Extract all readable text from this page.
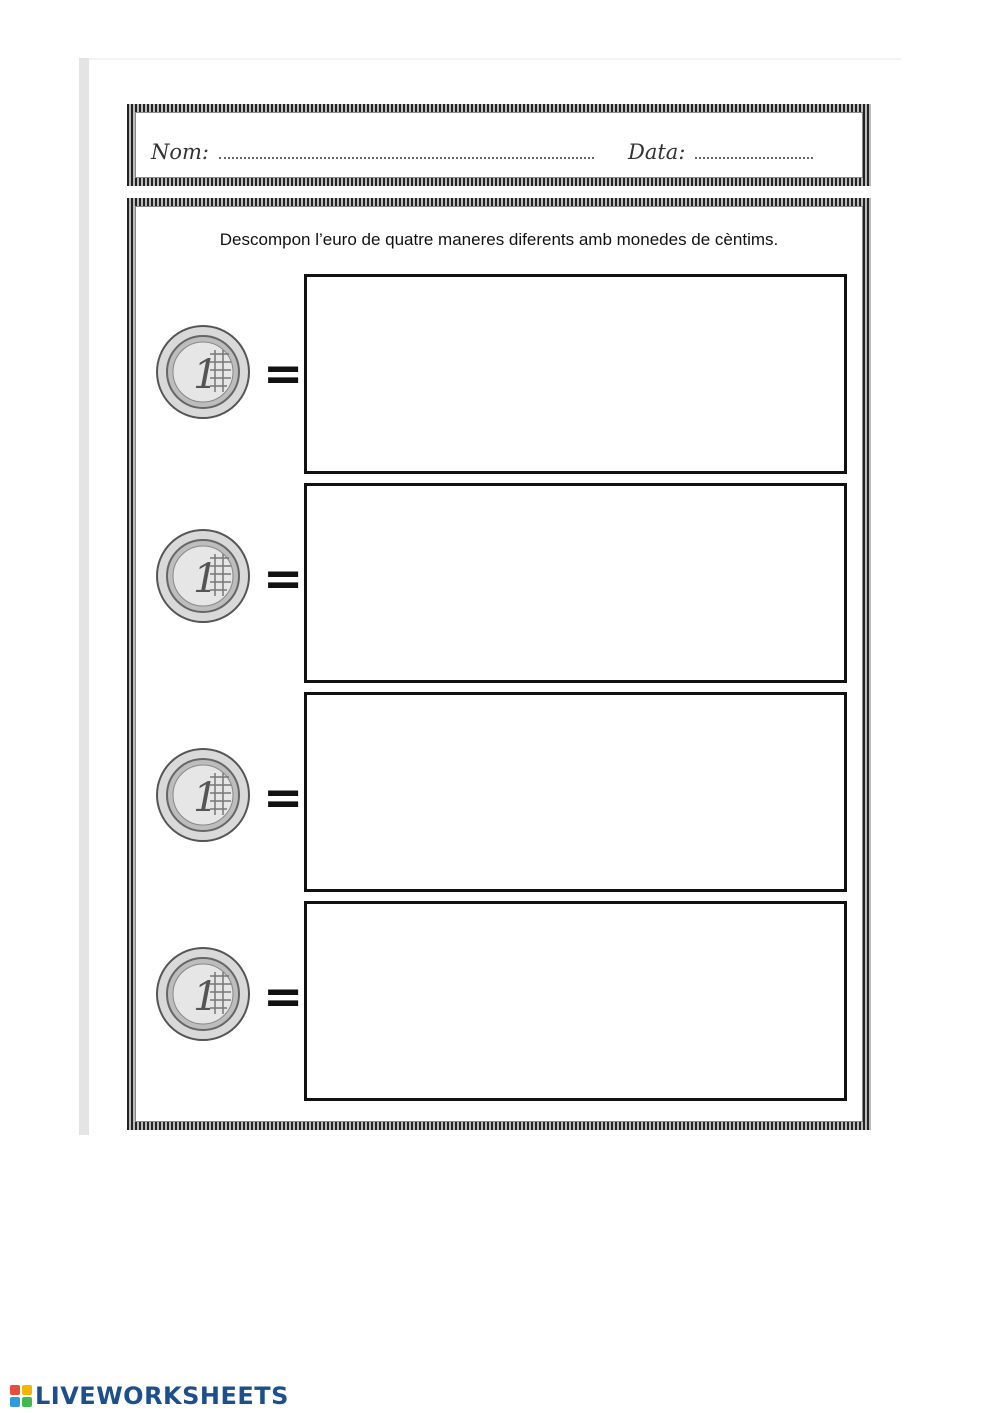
Nom:	Data:
Descompon l’euro de quatre maneres diferents amb monedes de cèntims.
1 =
1 =
1 =
1 =
LIVEWORKSHEETS
